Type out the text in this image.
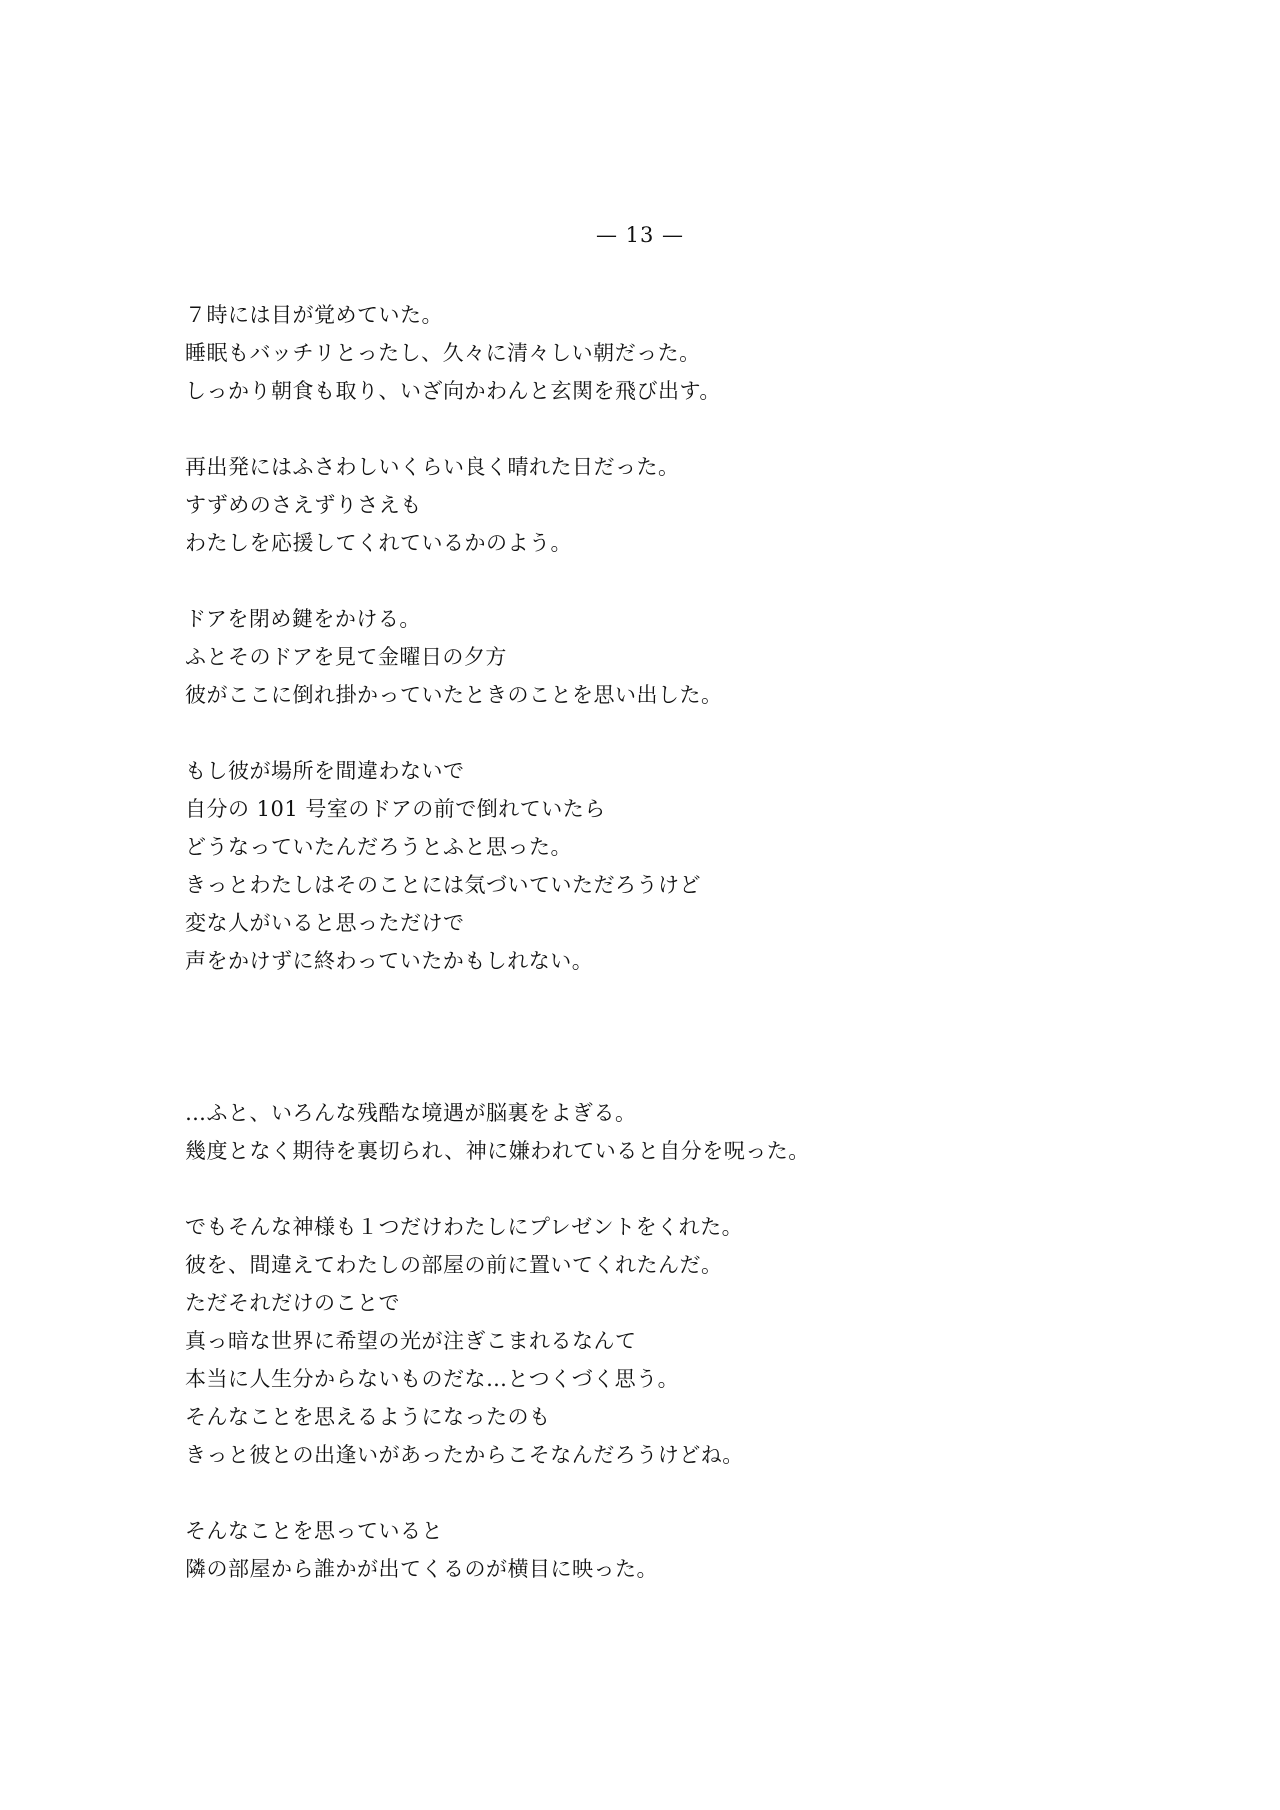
— 13 —
７時には目が覚めていた。
睡眠もバッチリとったし、久々に清々しい朝だった。
しっかり朝食も取り、いざ向かわんと玄関を飛び出す。
再出発にはふさわしいくらい良く晴れた日だった。
すずめのさえずりさえも
わたしを応援してくれているかのよう。
ドアを閉め鍵をかける。
ふとそのドアを見て金曜日の夕方
彼がここに倒れ掛かっていたときのことを思い出した。
もし彼が場所を間違わないで
自分の 101 号室のドアの前で倒れていたら
どうなっていたんだろうとふと思った。
きっとわたしはそのことには気づいていただろうけど
変な人がいると思っただけで
声をかけずに終わっていたかもしれない。
…ふと、いろんな残酷な境遇が脳裏をよぎる。
幾度となく期待を裏切られ、神に嫌われていると自分を呪った。
でもそんな神様も１つだけわたしにプレゼントをくれた。
彼を、間違えてわたしの部屋の前に置いてくれたんだ。
ただそれだけのことで
真っ暗な世界に希望の光が注ぎこまれるなんて
本当に人生分からないものだな…とつくづく思う。
そんなことを思えるようになったのも
きっと彼との出逢いがあったからこそなんだろうけどね。
そんなことを思っていると
隣の部屋から誰かが出てくるのが横目に映った。
